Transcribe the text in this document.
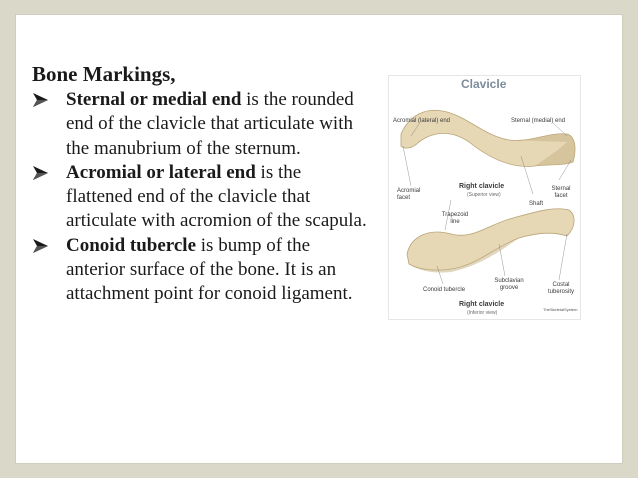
Bone Markings,

Sternal or medial end is the rounded end of the clavicle that articulate with the manubrium of the sternum.

Acromial or lateral end is the flattened end of the clavicle that articulate with acromion of the scapula.

Conoid tubercle is bump of the anterior surface of the bone. It is an attachment point for conoid ligament.

Clavicle
Acromial (lateral) end	Sternal (medial) end
Right clavicle
(Superior view)
Acromial facet
Sternal facet
Shaft
Trapezoid line
Conoid tubercle
Subclavian groove	Costal tuberosity
Right clavicle
(Inferior view)
TheSkeletalSystem
